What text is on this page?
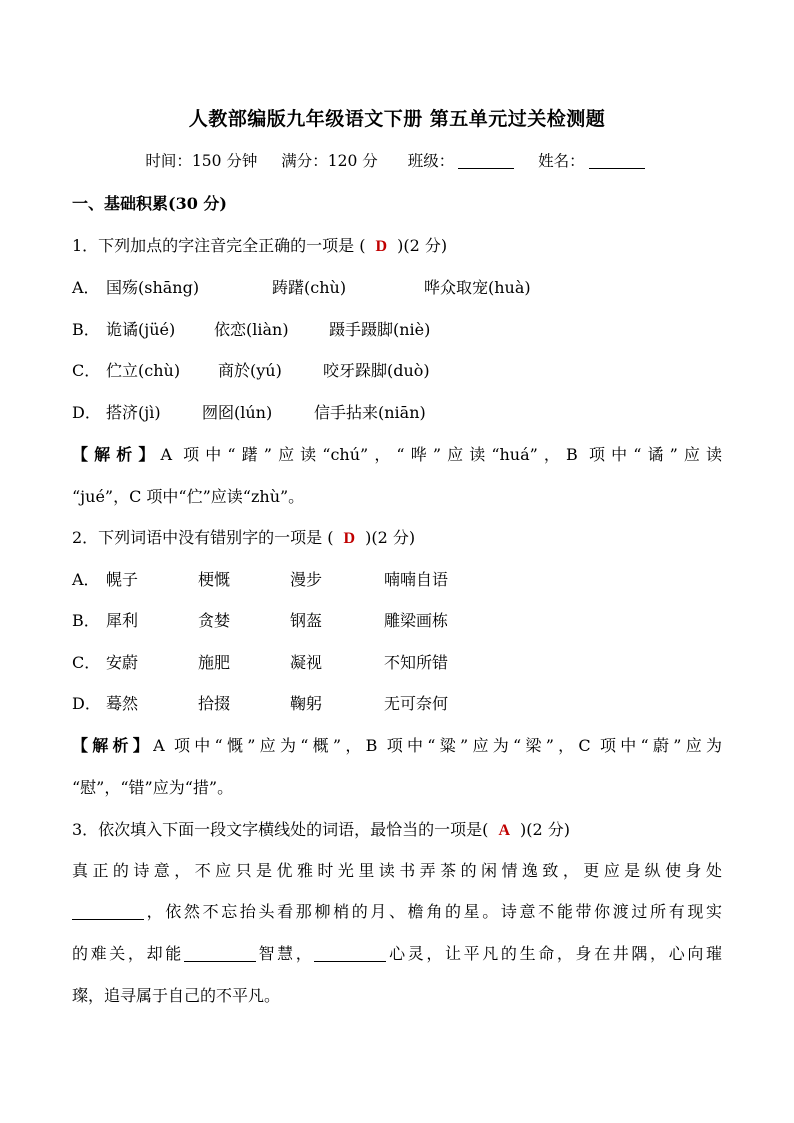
人教部编版九年级语文下册 第五单元过关检测题
时间：150 分钟 满分：120 分 班级：	姓名：
一、基础积累(30 分)
1．下列加点的字注音完全正确的一项是 ( D )(2 分)
A． 国殇(shāng)	踌躇(chù)	哗众取宠(huà)
B． 诡谲(jüé) 依恋(liàn)	蹑手蹑脚(niè)
C． 伫立(chù) 商於(yú)	咬牙跺脚(duò)
D． 搭济(jì)	囫囵(lún)	信手拈来(niān)
【解析】A 项中“躇”应读“chú”，“哗”应读“huá”，B 项中“谲”应读
“jué”，C 项中“伫”应读“zhù”。
2．下列词语中没有错别字的一项是 ( D )(2 分)
A． 幌子	梗慨	漫步	喃喃自语
B． 犀利	贪婪	钢盔	雕梁画栋
C． 安蔚	施肥	凝视	不知所错
D． 蓦然	拾掇	鞠躬	无可奈何
【解析】A 项中“慨”应为“概”，B 项中“粱”应为“梁”，C 项中“蔚”应为
“慰”，“错”应为“措”。
3．依次填入下面一段文字横线处的词语，最恰当的一项是( A )(2 分)
真正的诗意，不应只是优雅时光里读书弄茶的闲情逸致，更应是纵使身处
，依然不忘抬头看那柳梢的月、檐角的星。诗意不能带你渡过所有现实
的难关，却能	智慧，	心灵，让平凡的生命，身在井隅，心向璀
璨，追寻属于自己的不平凡。
